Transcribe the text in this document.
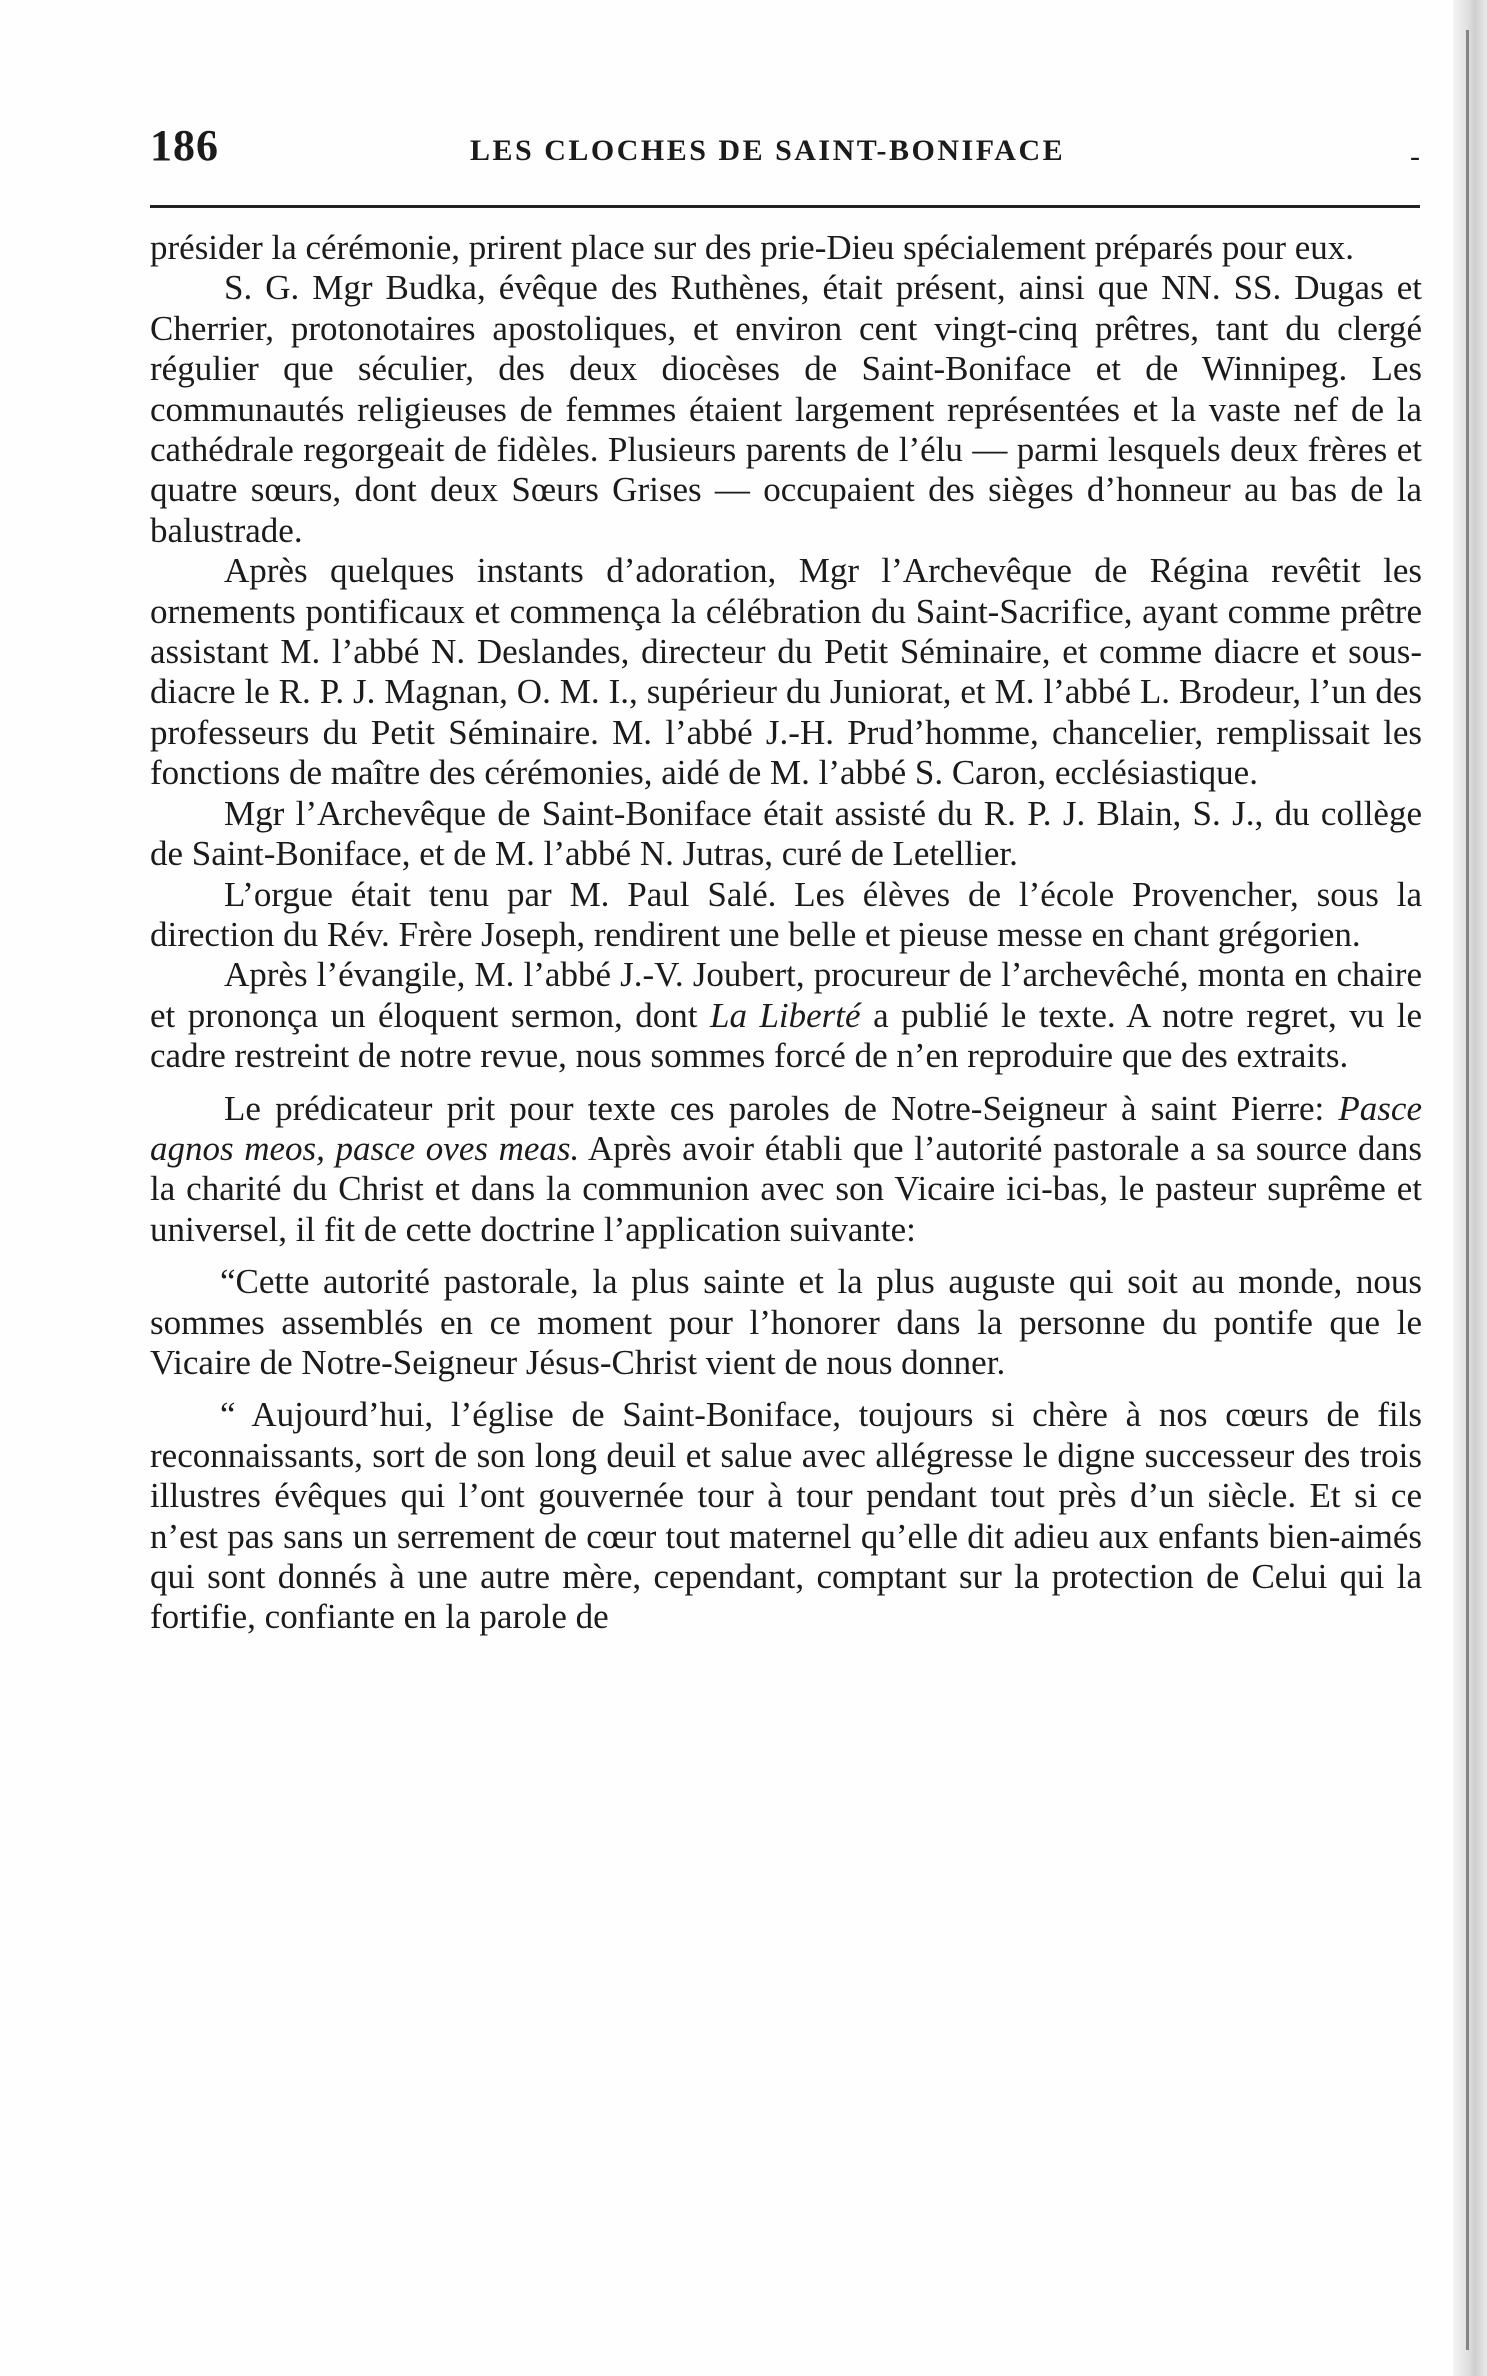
186	LES CLOCHES DE SAINT-BONIFACE	-

présider la cérémonie, prirent place sur des prie-Dieu spécialement préparés pour eux.

S. G. Mgr Budka, évêque des Ruthènes, était présent, ainsi que NN. SS. Dugas et Cherrier, protonotaires apostoliques, et environ cent vingt-cinq prêtres, tant du clergé régulier que séculier, des deux diocèses de Saint-Boniface et de Winnipeg. Les communautés religieuses de femmes étaient largement représentées et la vaste nef de la cathédrale regorgeait de fidèles. Plusieurs parents de l’élu — parmi lesquels deux frères et quatre sœurs, dont deux Sœurs Grises — occupaient des sièges d’honneur au bas de la balustrade.

Après quelques instants d’adoration, Mgr l’Archevêque de Régina revêtit les ornements pontificaux et commença la célébration du Saint-Sacrifice, ayant comme prêtre assistant M. l’abbé N. Deslandes, directeur du Petit Séminaire, et comme diacre et sous-diacre le R. P. J. Magnan, O. M. I., supérieur du Juniorat, et M. l’abbé L. Brodeur, l’un des professeurs du Petit Séminaire. M. l’abbé J.-H. Prud’homme, chancelier, remplissait les fonctions de maître des cérémonies, aidé de M. l’abbé S. Caron, ecclésiastique.

Mgr l’Archevêque de Saint-Boniface était assisté du R. P. J. Blain, S. J., du collège de Saint-Boniface, et de M. l’abbé N. Jutras, curé de Letellier.

L’orgue était tenu par M. Paul Salé. Les élèves de l’école Provencher, sous la direction du Rév. Frère Joseph, rendirent une belle et pieuse messe en chant grégorien.

Après l’évangile, M. l’abbé J.-V. Joubert, procureur de l’archevêché, monta en chaire et prononça un éloquent sermon, dont La Liberté a publié le texte. A notre regret, vu le cadre restreint de notre revue, nous sommes forcé de n’en reproduire que des extraits.

Le prédicateur prit pour texte ces paroles de Notre-Seigneur à saint Pierre: Pasce agnos meos, pasce oves meas. Après avoir établi que l’autorité pastorale a sa source dans la charité du Christ et dans la communion avec son Vicaire ici-bas, le pasteur suprême et universel, il fit de cette doctrine l’application suivante:

“Cette autorité pastorale, la plus sainte et la plus auguste qui soit au monde, nous sommes assemblés en ce moment pour l’honorer dans la personne du pontife que le Vicaire de Notre-Seigneur Jésus-Christ vient de nous donner.

“ Aujourd’hui, l’église de Saint-Boniface, toujours si chère à nos cœurs de fils reconnaissants, sort de son long deuil et salue avec allégresse le digne successeur des trois illustres évêques qui l’ont gouvernée tour à tour pendant tout près d’un siècle. Et si ce n’est pas sans un serrement de cœur tout maternel qu’elle dit adieu aux enfants bien-aimés qui sont donnés à une autre mère, cependant, comptant sur la protection de Celui qui la fortifie, confiante en la parole de
